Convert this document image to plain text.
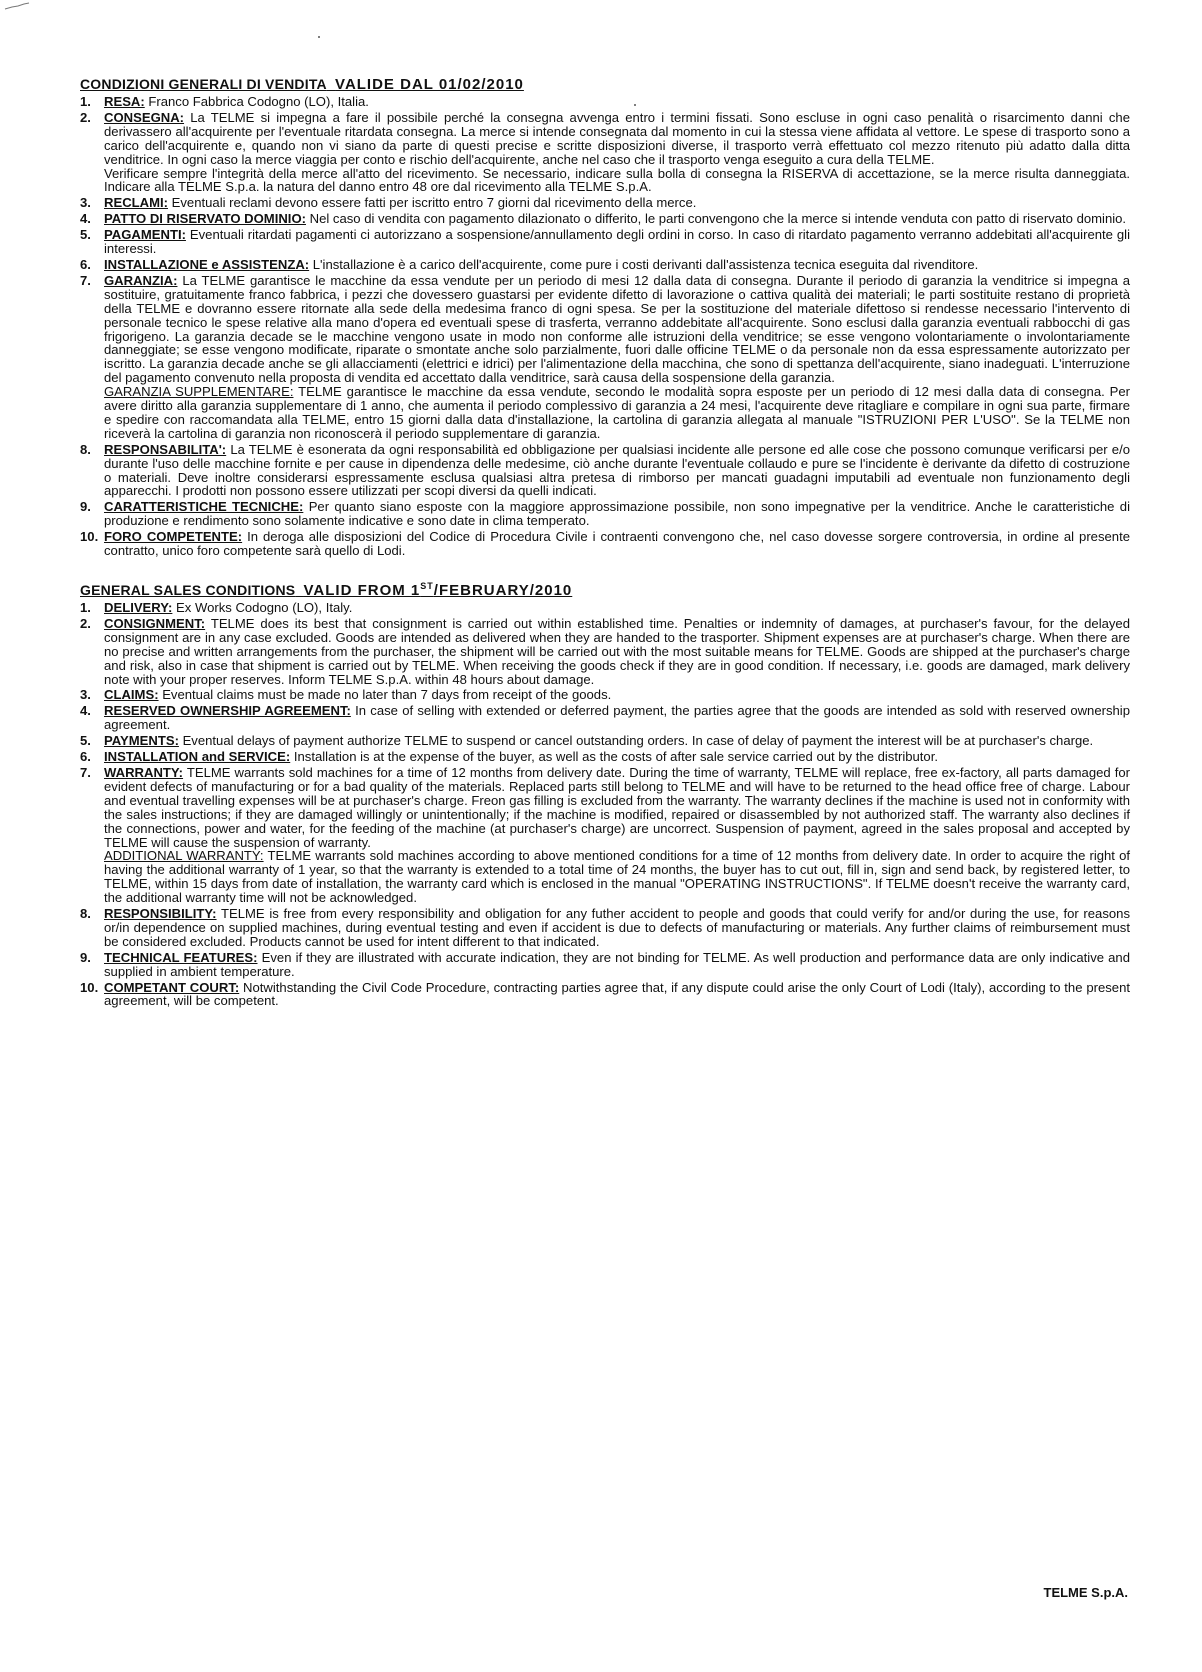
CONDIZIONI GENERALI DI VENDITA VALIDE DAL 01/02/2010
1. RESA: Franco Fabbrica Codogno (LO), Italia.
2. CONSEGNA: La TELME si impegna a fare il possibile perché la consegna avvenga entro i termini fissati. Sono escluse in ogni caso penalità o risarcimento danni che derivassero all'acquirente per l'eventuale ritardata consegna. La merce si intende consegnata dal momento in cui la stessa viene affidata al vettore. Le spese di trasporto sono a carico dell'acquirente e, quando non vi siano da parte di questi precise e scritte disposizioni diverse, il trasporto verrà effettuato col mezzo ritenuto più adatto dalla ditta venditrice. In ogni caso la merce viaggia per conto e rischio dell'acquirente, anche nel caso che il trasporto venga eseguito a cura della TELME.
Verificare sempre l'integrità della merce all'atto del ricevimento. Se necessario, indicare sulla bolla di consegna la RISERVA di accettazione, se la merce risulta danneggiata. Indicare alla TELME S.p.a. la natura del danno entro 48 ore dal ricevimento alla TELME S.p.A.
3. RECLAMI: Eventuali reclami devono essere fatti per iscritto entro 7 giorni dal ricevimento della merce.
4. PATTO DI RISERVATO DOMINIO: Nel caso di vendita con pagamento dilazionato o differito, le parti convengono che la merce si intende venduta con patto di riservato dominio.
5. PAGAMENTI: Eventuali ritardati pagamenti ci autorizzano a sospensione/annullamento degli ordini in corso. In caso di ritardato pagamento verranno addebitati all'acquirente gli interessi.
6. INSTALLAZIONE e ASSISTENZA: L'installazione è a carico dell'acquirente, come pure i costi derivanti dall'assistenza tecnica eseguita dal rivenditore.
7. GARANZIA: La TELME garantisce le macchine da essa vendute per un periodo di mesi 12 dalla data di consegna. Durante il periodo di garanzia la venditrice si impegna a sostituire, gratuitamente franco fabbrica, i pezzi che dovessero guastarsi per evidente difetto di lavorazione o cattiva qualità dei materiali; le parti sostituite restano di proprietà della TELME e dovranno essere ritornate alla sede della medesima franco di ogni spesa. Se per la sostituzione del materiale difettoso si rendesse necessario l'intervento di personale tecnico le spese relative alla mano d'opera ed eventuali spese di trasferta, verranno addebitate all'acquirente. Sono esclusi dalla garanzia eventuali rabbocchi di gas frigorigeno. La garanzia decade se le macchine vengono usate in modo non conforme alle istruzioni della venditrice; se esse vengono volontariamente o involontariamente danneggiate; se esse vengono modificate, riparate o smontate anche solo parzialmente, fuori dalle officine TELME o da personale non da essa espressamente autorizzato per iscritto. La garanzia decade anche se gli allacciamenti (elettrici e idrici) per l'alimentazione della macchina, che sono di spettanza dell'acquirente, siano inadeguati. L'interruzione del pagamento convenuto nella proposta di vendita ed accettato dalla venditrice, sarà causa della sospensione della garanzia.
GARANZIA SUPPLEMENTARE: TELME garantisce le macchine da essa vendute, secondo le modalità sopra esposte per un periodo di 12 mesi dalla data di consegna. Per avere diritto alla garanzia supplementare di 1 anno, che aumenta il periodo complessivo di garanzia a 24 mesi, l'acquirente deve ritagliare e compilare in ogni sua parte, firmare e spedire con raccomandata alla TELME, entro 15 giorni dalla data d'installazione, la cartolina di garanzia allegata al manuale "ISTRUZIONI PER L'USO". Se la TELME non riceverà la cartolina di garanzia non riconoscerà il periodo supplementare di garanzia.
8. RESPONSABILITA': La TELME è esonerata da ogni responsabilità ed obbligazione per qualsiasi incidente alle persone ed alle cose che possono comunque verificarsi per e/o durante l'uso delle macchine fornite e per cause in dipendenza delle medesime, ciò anche durante l'eventuale collaudo e pure se l'incidente è derivante da difetto di costruzione o materiali. Deve inoltre considerarsi espressamente esclusa qualsiasi altra pretesa di rimborso per mancati guadagni imputabili ad eventuale non funzionamento degli apparecchi. I prodotti non possono essere utilizzati per scopi diversi da quelli indicati.
9. CARATTERISTICHE TECNICHE: Per quanto siano esposte con la maggiore approssimazione possibile, non sono impegnative per la venditrice. Anche le caratteristiche di produzione e rendimento sono solamente indicative e sono date in clima temperato.
10. FORO COMPETENTE: In deroga alle disposizioni del Codice di Procedura Civile i contraenti convengono che, nel caso dovesse sorgere controversia, in ordine al presente contratto, unico foro competente sarà quello di Lodi.
GENERAL SALES CONDITIONS VALID FROM 1ST/FEBRUARY/2010
1. DELIVERY: Ex Works Codogno (LO), Italy.
2. CONSIGNMENT: TELME does its best that consignment is carried out within established time. Penalties or indemnity of damages, at purchaser's favour, for the delayed consignment are in any case excluded. Goods are intended as delivered when they are handed to the trasporter. Shipment expenses are at purchaser's charge. When there are no precise and written arrangements from the purchaser, the shipment will be carried out with the most suitable means for TELME. Goods are shipped at the purchaser's charge and risk, also in case that shipment is carried out by TELME. When receiving the goods check if they are in good condition. If necessary, i.e. goods are damaged, mark delivery note with your proper reserves. Inform TELME S.p.A. within 48 hours about damage.
3. CLAIMS: Eventual claims must be made no later than 7 days from receipt of the goods.
4. RESERVED OWNERSHIP AGREEMENT: In case of selling with extended or deferred payment, the parties agree that the goods are intended as sold with reserved ownership agreement.
5. PAYMENTS: Eventual delays of payment authorize TELME to suspend or cancel outstanding orders. In case of delay of payment the interest will be at purchaser's charge.
6. INSTALLATION and SERVICE: Installation is at the expense of the buyer, as well as the costs of after sale service carried out by the distributor.
7. WARRANTY: TELME warrants sold machines for a time of 12 months from delivery date. During the time of warranty, TELME will replace, free ex-factory, all parts damaged for evident defects of manufacturing or for a bad quality of the materials. Replaced parts still belong to TELME and will have to be returned to the head office free of charge. Labour and eventual travelling expenses will be at purchaser's charge. Freon gas filling is excluded from the warranty. The warranty declines if the machine is used not in conformity with the sales instructions; if they are damaged willingly or unintentionally; if the machine is modified, repaired or disassembled by not authorized staff. The warranty also declines if the connections, power and water, for the feeding of the machine (at purchaser's charge) are uncorrect. Suspension of payment, agreed in the sales proposal and accepted by TELME will cause the suspension of warranty.
ADDITIONAL WARRANTY: TELME warrants sold machines according to above mentioned conditions for a time of 12 months from delivery date. In order to acquire the right of having the additional warranty of 1 year, so that the warranty is extended to a total time of 24 months, the buyer has to cut out, fill in, sign and send back, by registered letter, to TELME, within 15 days from date of installation, the warranty card which is enclosed in the manual "OPERATING INSTRUCTIONS". If TELME doesn't receive the warranty card, the additional warranty time will not be acknowledged.
8. RESPONSIBILITY: TELME is free from every responsibility and obligation for any futher accident to people and goods that could verify for and/or during the use, for reasons or/in dependence on supplied machines, during eventual testing and even if accident is due to defects of manufacturing or materials. Any further claims of reimbursement must be considered excluded. Products cannot be used for intent different to that indicated.
9. TECHNICAL FEATURES: Even if they are illustrated with accurate indication, they are not binding for TELME. As well production and performance data are only indicative and supplied in ambient temperature.
10. COMPETANT COURT: Notwithstanding the Civil Code Procedure, contracting parties agree that, if any dispute could arise the only Court of Lodi (Italy), according to the present agreement, will be competent.
TELME S.p.A.
